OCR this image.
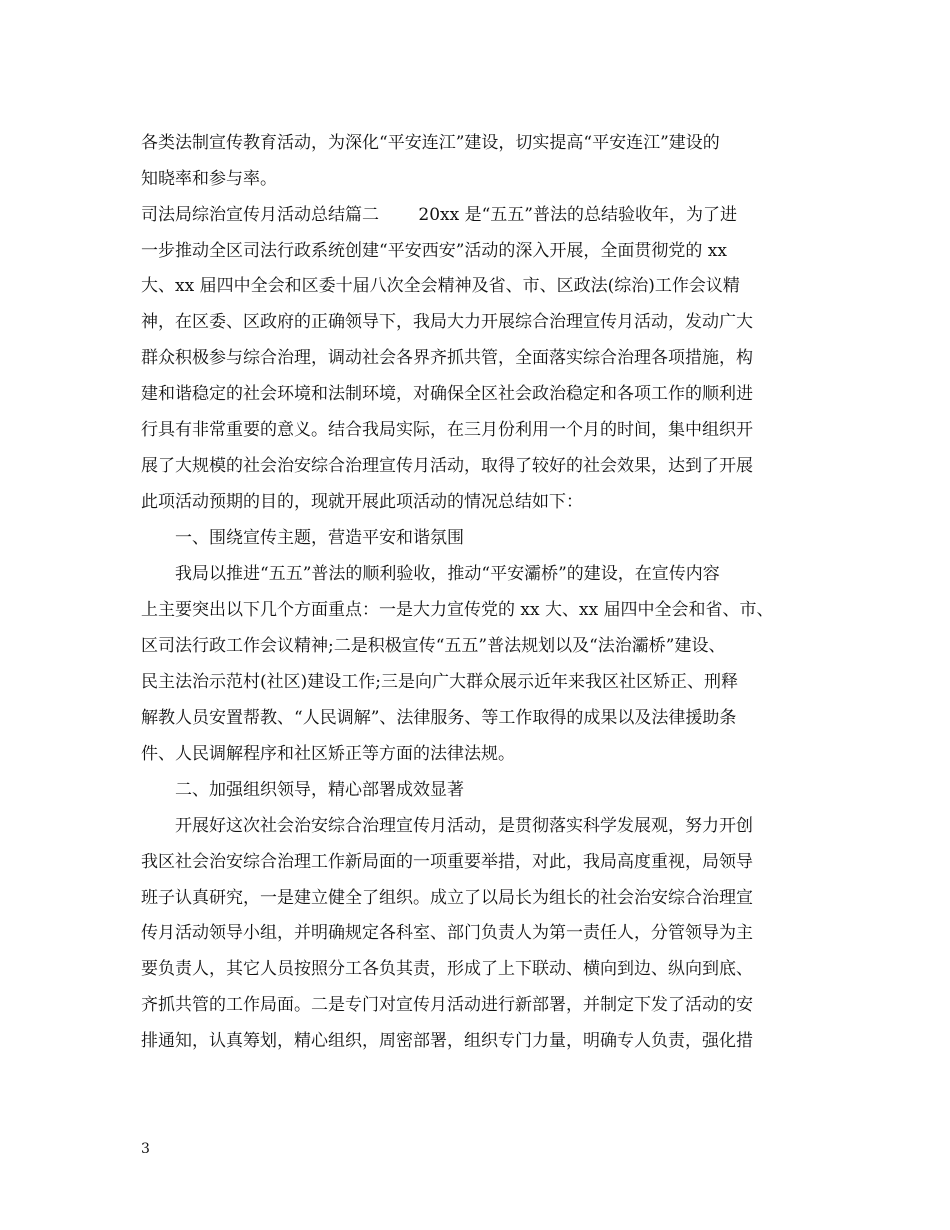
各类法制宣传教育活动，为深化“平安连江”建设，切实提高“平安连江”建设的
知晓率和参与率。
司法局综治宣传月活动总结篇二　　 20xx 是“五五”普法的总结验收年，为了进
一步推动全区司法行政系统创建“平安西安”活动的深入开展，全面贯彻党的 xx
大、xx 届四中全会和区委十届八次全会精神及省、市、区政法(综治)工作会议精
神，在区委、区政府的正确领导下，我局大力开展综合治理宣传月活动，发动广大
群众积极参与综合治理，调动社会各界齐抓共管，全面落实综合治理各项措施，构
建和谐稳定的社会环境和法制环境，对确保全区社会政治稳定和各项工作的顺利进
行具有非常重要的意义。结合我局实际，在三月份利用一个月的时间，集中组织开
展了大规模的社会治安综合治理宣传月活动，取得了较好的社会效果，达到了开展
此项活动预期的目的，现就开展此项活动的情况总结如下：
　　一、围绕宣传主题，营造平安和谐氛围
　　我局以推进“五五”普法的顺利验收，推动“平安灞桥”的建设，在宣传内容
上主要突出以下几个方面重点：一是大力宣传党的 xx 大、xx 届四中全会和省、市、
区司法行政工作会议精神;二是积极宣传“五五”普法规划以及“法治灞桥”建设、
民主法治示范村(社区)建设工作;三是向广大群众展示近年来我区社区矫正、刑释
解教人员安置帮教、“人民调解”、法律服务、等工作取得的成果以及法律援助条
件、人民调解程序和社区矫正等方面的法律法规。
　　二、加强组织领导，精心部署成效显著
　　开展好这次社会治安综合治理宣传月活动，是贯彻落实科学发展观，努力开创
我区社会治安综合治理工作新局面的一项重要举措，对此，我局高度重视，局领导
班子认真研究，一是建立健全了组织。成立了以局长为组长的社会治安综合治理宣
传月活动领导小组，并明确规定各科室、部门负责人为第一责任人，分管领导为主
要负责人，其它人员按照分工各负其责，形成了上下联动、横向到边、纵向到底、
齐抓共管的工作局面。二是专门对宣传月活动进行新部署，并制定下发了活动的安
排通知，认真筹划，精心组织，周密部署，组织专门力量，明确专人负责，强化措
3
